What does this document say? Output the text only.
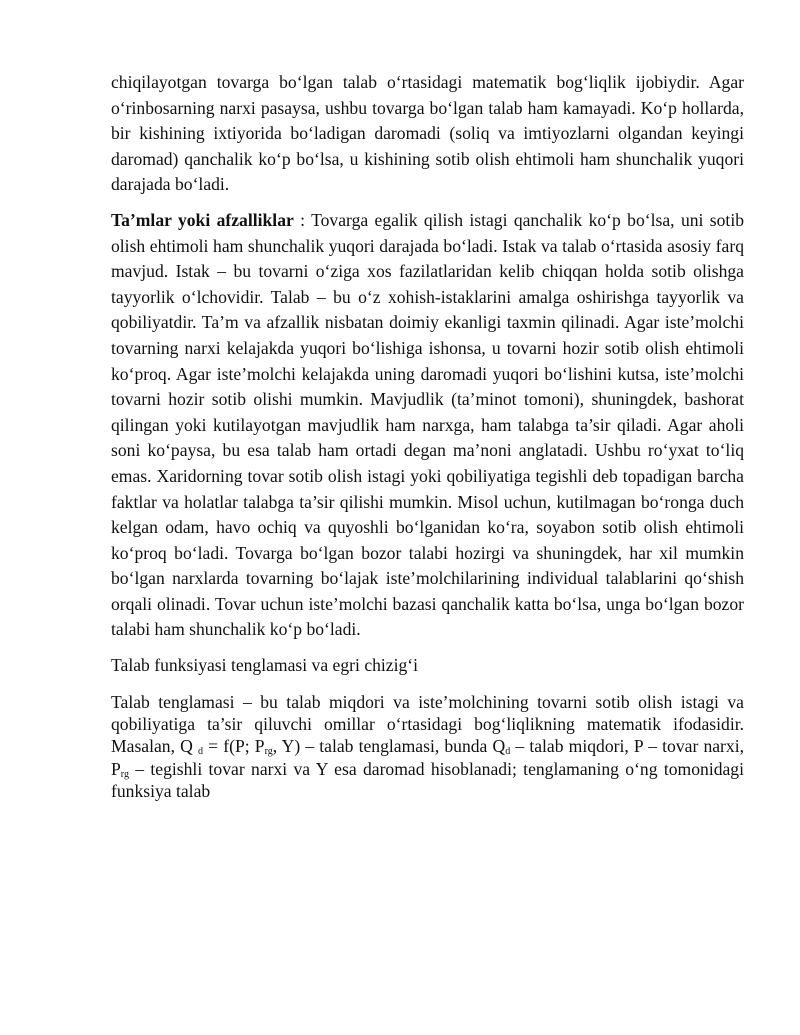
chiqilayotgan tovarga bo‘lgan talab o‘rtasidagi matematik bog‘liqlik ijobiydir. Agar o‘rinbosarning narxi pasaysa, ushbu tovarga bo‘lgan talab ham kamayadi. Ko‘p hollarda, bir kishining ixtiyorida bo‘ladigan daromadi (soliq va imtiyozlarni olgandan keyingi daromad) qanchalik ko‘p bo‘lsa, u kishining sotib olish ehtimoli ham shunchalik yuqori darajada bo‘ladi.

Ta’mlar yoki afzalliklar : Tovarga egalik qilish istagi qanchalik ko‘p bo‘lsa, uni sotib olish ehtimoli ham shunchalik yuqori darajada bo‘ladi. Istak va talab o‘rtasida asosiy farq mavjud. Istak – bu tovarni o‘ziga xos fazilatlaridan kelib chiqqan holda sotib olishga tayyorlik o‘lchovidir. Talab – bu o‘z xohish-istaklarini amalga oshirishga tayyorlik va qobiliyatdir. Ta’m va afzallik nisbatan doimiy ekanligi taxmin qilinadi. Agar iste’molchi tovarning narxi kelajakda yuqori bo‘lishiga ishonsa, u tovarni hozir sotib olish ehtimoli ko‘proq. Agar iste’molchi kelajakda uning daromadi yuqori bo‘lishini kutsa, iste’molchi tovarni hozir sotib olishi mumkin. Mavjudlik (ta’minot tomoni), shuningdek, bashorat qilingan yoki kutilayotgan mavjudlik ham narxga, ham talabga ta’sir qiladi. Agar aholi soni ko‘paysa, bu esa talab ham ortadi degan ma’noni anglatadi. Ushbu ro‘yxat to‘liq emas. Xaridorning tovar sotib olish istagi yoki qobiliyatiga tegishli deb topadigan barcha faktlar va holatlar talabga ta’sir qilishi mumkin. Misol uchun, kutilmagan bo‘ronga duch kelgan odam, havo ochiq va quyoshli bo‘lganidan ko‘ra, soyabon sotib olish ehtimoli ko‘proq bo‘ladi. Tovarga bo‘lgan bozor talabi hozirgi va shuningdek, har xil mumkin bo‘lgan narxlarda tovarning bo‘lajak iste’molchilarining individual talablarini qo‘shish orqali olinadi. Tovar uchun iste’molchi bazasi qanchalik katta bo‘lsa, unga bo‘lgan bozor talabi ham shunchalik ko‘p bo‘ladi.

Talab funksiyasi tenglamasi va egri chizig‘i

Talab tenglamasi – bu talab miqdori va iste’molchining tovarni sotib olish istagi va qobiliyatiga ta’sir qiluvchi omillar o‘rtasidagi bog‘liqlikning matematik ifodasidir. Masalan, Q $_d$ = f(P; $P_{rg}$, Y) – talab tenglamasi, bunda $Q_d$ – talab miqdori, P – tovar narxi, $P_{rg}$ – tegishli tovar narxi va Y esa daromad hisoblanadi; tenglamaning o‘ng tomonidagi funksiya talab
